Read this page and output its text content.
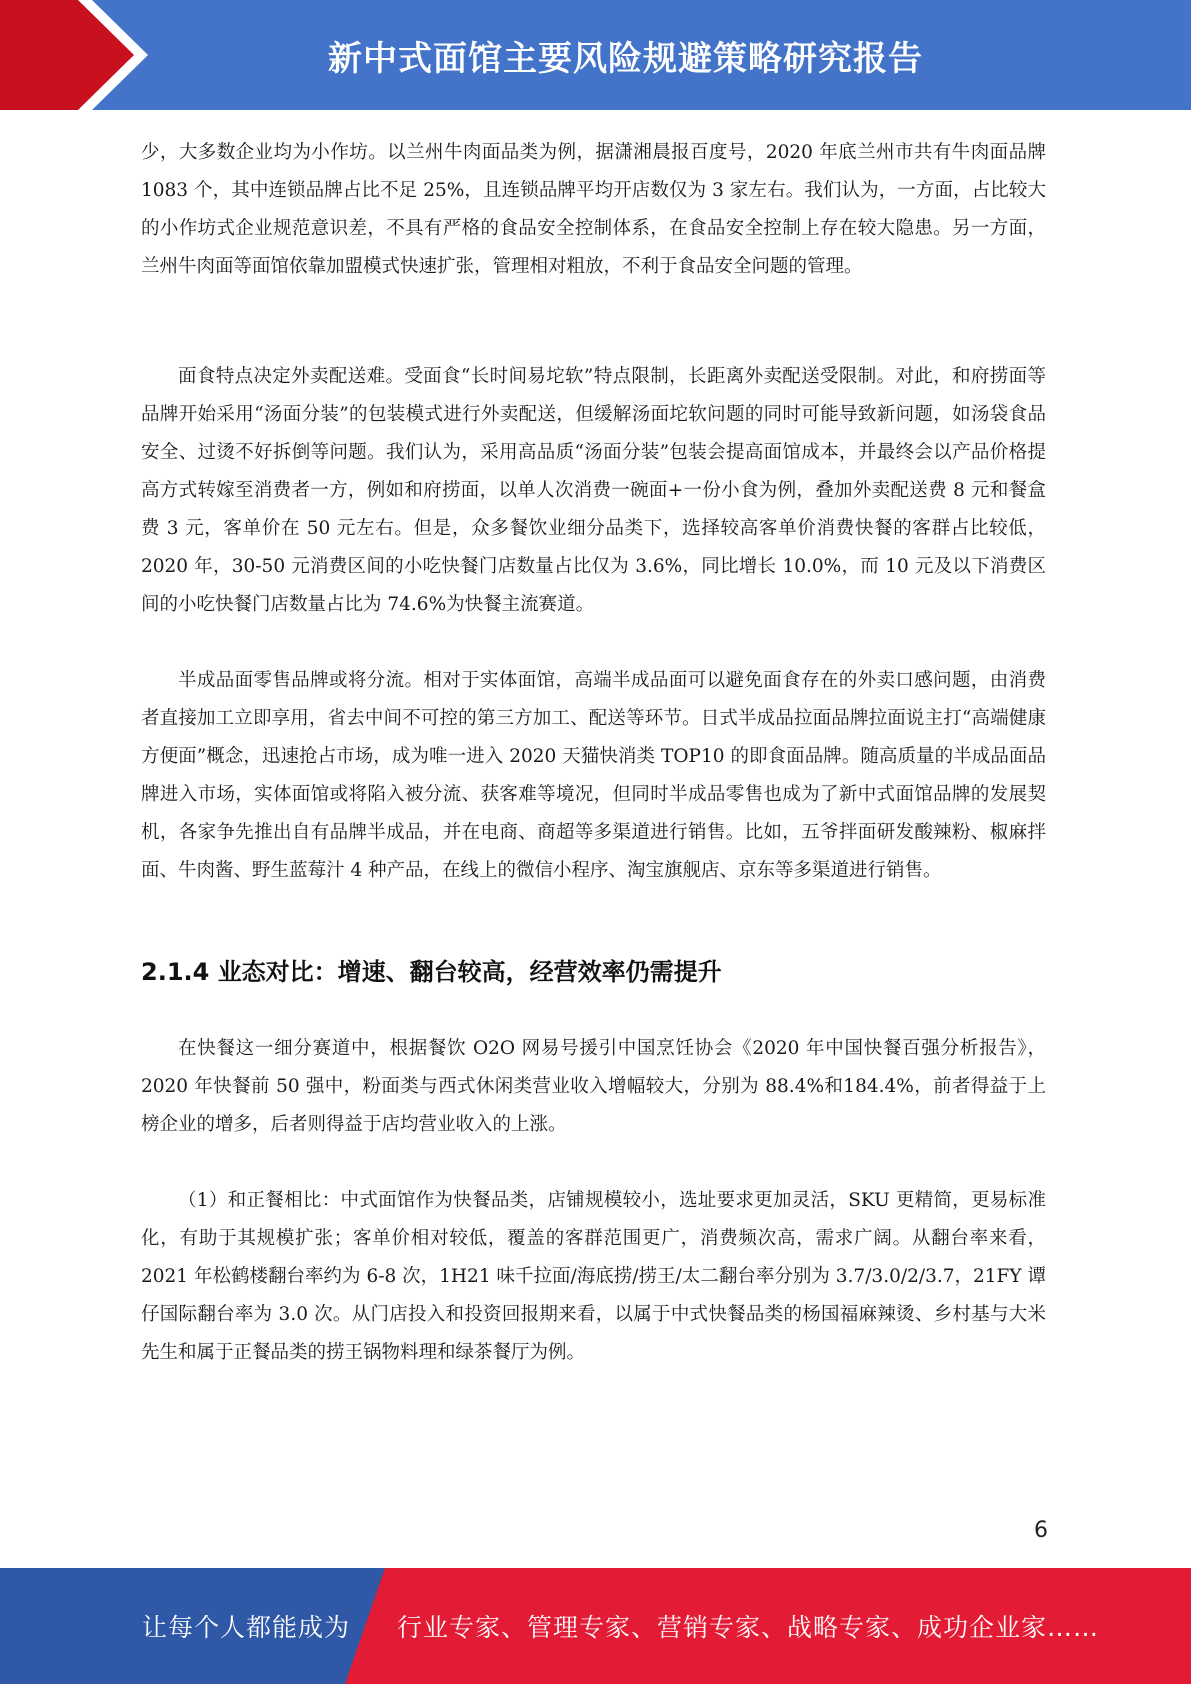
新中式面馆主要风险规避策略研究报告

少，大多数企业均为小作坊。以兰州牛肉面品类为例，据潇湘晨报百度号，2020 年底兰州市共有牛肉面品牌 1083 个，其中连锁品牌占比不足 25%，且连锁品牌平均开店数仅为 3 家左右。我们认为，一方面，占比较大的小作坊式企业规范意识差，不具有严格的食品安全控制体系，在食品安全控制上存在较大隐患。另一方面，兰州牛肉面等面馆依靠加盟模式快速扩张，管理相对粗放，不利于食品安全问题的管理。

面食特点决定外卖配送难。受面食“长时间易坨软”特点限制，长距离外卖配送受限制。对此，和府捞面等品牌开始采用“汤面分装”的包装模式进行外卖配送，但缓解汤面坨软问题的同时可能导致新问题，如汤袋食品安全、过烫不好拆倒等问题。我们认为，采用高品质“汤面分装”包装会提高面馆成本，并最终会以产品价格提高方式转嫁至消费者一方，例如和府捞面，以单人次消费一碗面+一份小食为例，叠加外卖配送费 8 元和餐盒费 3 元，客单价在 50 元左右。但是，众多餐饮业细分品类下，选择较高客单价消费快餐的客群占比较低，2020 年，30-50 元消费区间的小吃快餐门店数量占比仅为 3.6%，同比增长 10.0%，而 10 元及以下消费区间的小吃快餐门店数量占比为 74.6%为快餐主流赛道。

半成品面零售品牌或将分流。相对于实体面馆，高端半成品面可以避免面食存在的外卖口感问题，由消费者直接加工立即享用，省去中间不可控的第三方加工、配送等环节。日式半成品拉面品牌拉面说主打“高端健康方便面”概念，迅速抢占市场，成为唯一进入 2020 天猫快消类 TOP10 的即食面品牌。随高质量的半成品面品牌进入市场，实体面馆或将陷入被分流、获客难等境况，但同时半成品零售也成为了新中式面馆品牌的发展契机，各家争先推出自有品牌半成品，并在电商、商超等多渠道进行销售。比如，五爷拌面研发酸辣粉、椒麻拌面、牛肉酱、野生蓝莓汁 4 种产品，在线上的微信小程序、淘宝旗舰店、京东等多渠道进行销售。

2.1.4 业态对比：增速、翻台较高，经营效率仍需提升

在快餐这一细分赛道中，根据餐饮 O2O 网易号援引中国烹饪协会《2020 年中国快餐百强分析报告》，2020 年快餐前 50 强中，粉面类与西式休闲类营业收入增幅较大，分别为 88.4%和184.4%，前者得益于上榜企业的增多，后者则得益于店均营业收入的上涨。

（1）和正餐相比：中式面馆作为快餐品类，店铺规模较小，选址要求更加灵活，SKU 更精简，更易标准化，有助于其规模扩张；客单价相对较低，覆盖的客群范围更广，消费频次高，需求广阔。从翻台率来看，2021 年松鹤楼翻台率约为 6-8 次，1H21 味千拉面/海底捞/捞王/太二翻台率分别为 3.7/3.0/2/3.7，21FY 谭仔国际翻台率为 3.0 次。从门店投入和投资回报期来看，以属于中式快餐品类的杨国福麻辣烫、乡村基与大米先生和属于正餐品类的捞王锅物料理和绿茶餐厅为例。

6
让每个人都能成为 行业专家、管理专家、营销专家、战略专家、成功企业家……
